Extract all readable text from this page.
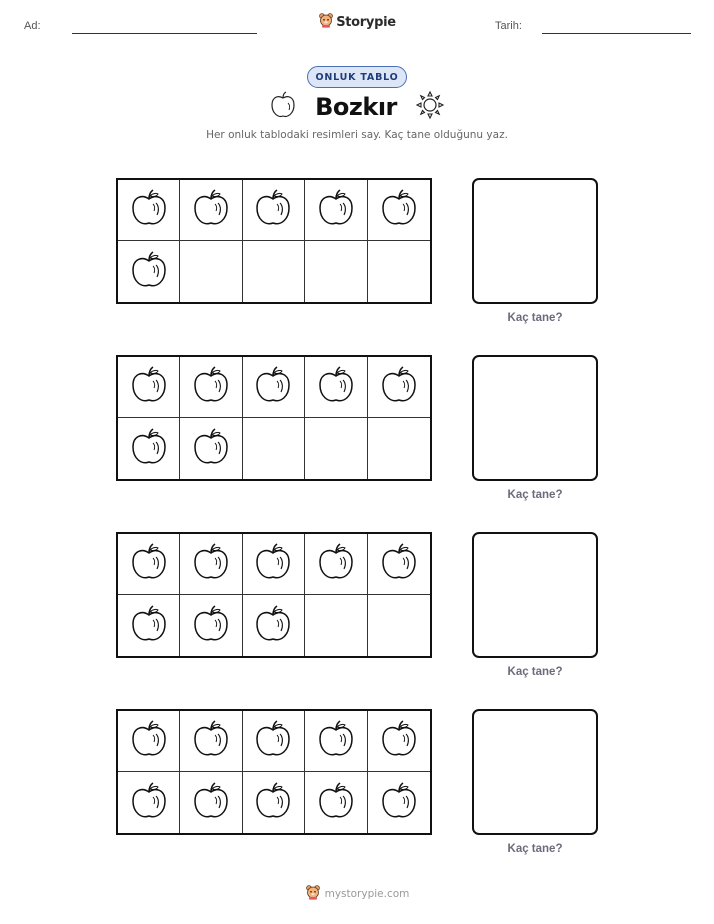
Ad:	Tarih:
Storypie
ONLUK TABLO
Bozkır
Her onluk tablodaki resimleri say. Kaç tane olduğunu yaz.
Kaç tane?
Kaç tane?
Kaç tane?
Kaç tane?
mystorypie.com
